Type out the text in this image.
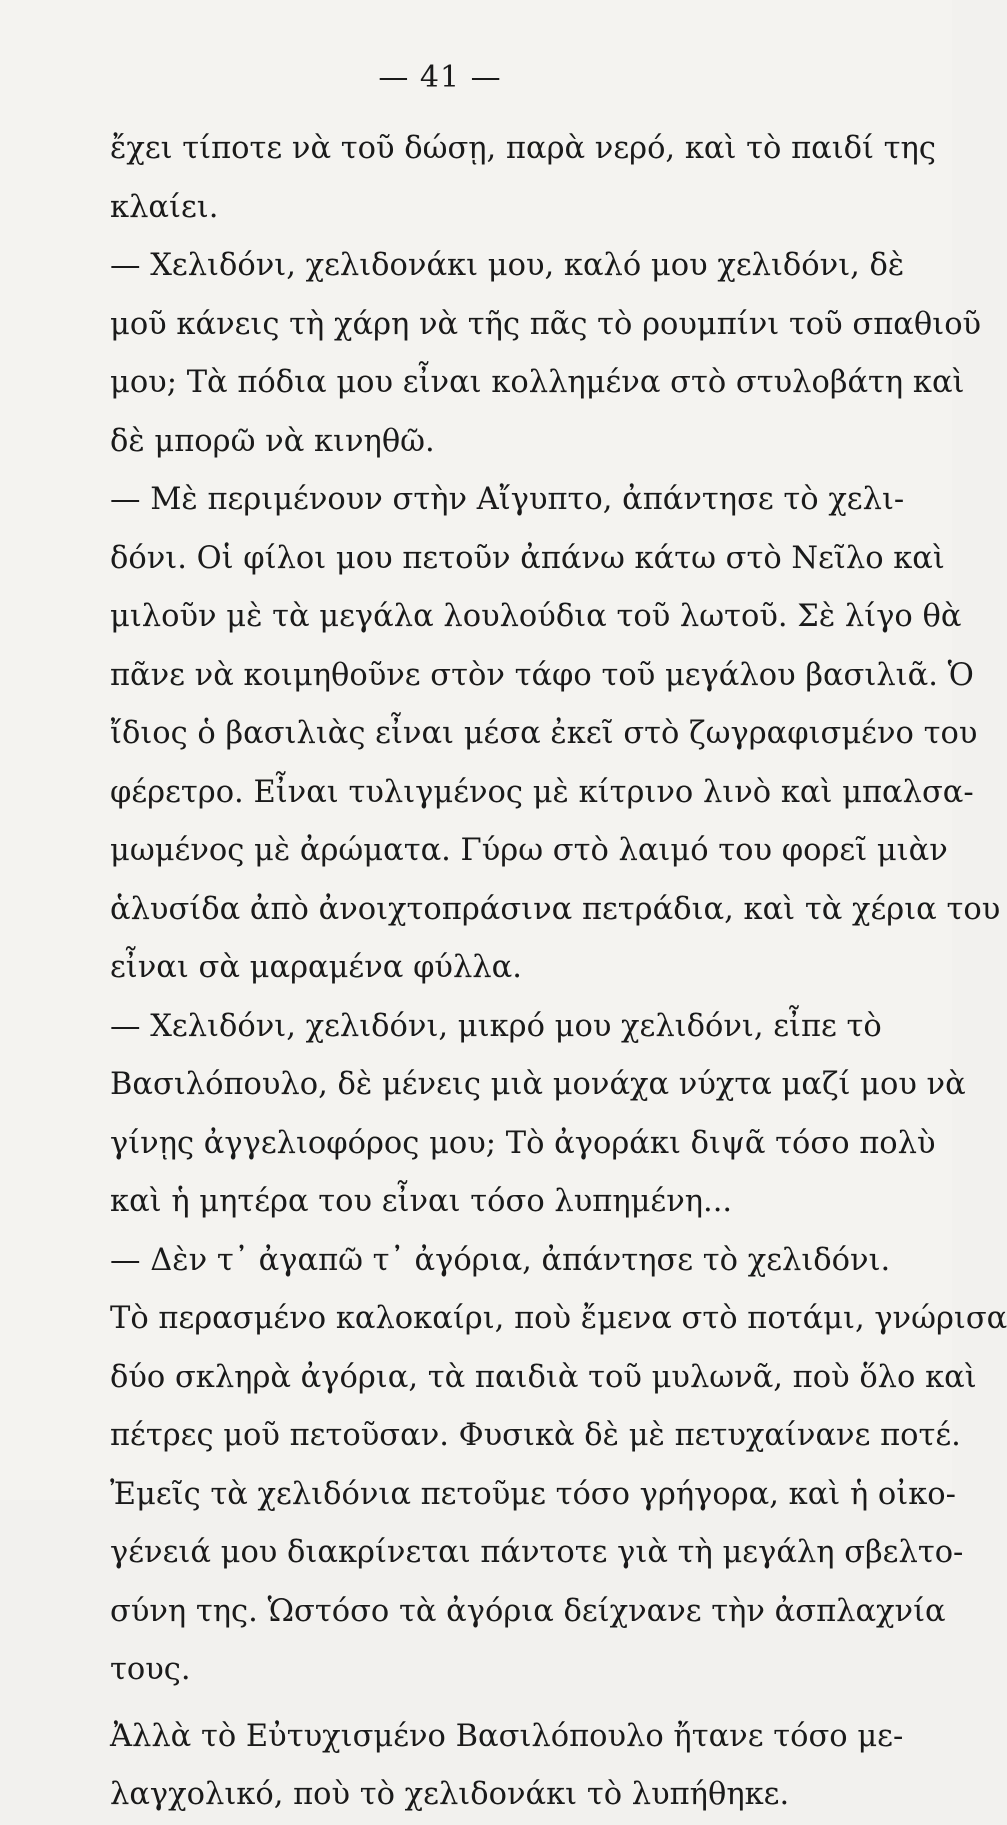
— 41 —
ἔχει τίποτε νὰ τοῦ δώσῃ, παρὰ νερό, καὶ τὸ παιδί της
κλαίει.
— Χελιδόνι, χελιδονάκι μου, καλό μου χελιδόνι, δὲ
μοῦ κάνεις τὴ χάρη νὰ τῆς πᾶς τὸ ρουμπίνι τοῦ σπαθιοῦ
μου; Τὰ πόδια μου εἶναι κολλημένα στὸ στυλοβάτη καὶ
δὲ μπορῶ νὰ κινηθῶ.
— Μὲ περιμένουν στὴν Αἴγυπτο, ἀπάντησε τὸ χελι-
δόνι. Οἱ φίλοι μου πετοῦν ἀπάνω κάτω στὸ Νεῖλο καὶ
μιλοῦν μὲ τὰ μεγάλα λουλούδια τοῦ λωτοῦ. Σὲ λίγο θὰ
πᾶνε νὰ κοιμηθοῦνε στὸν τάφο τοῦ μεγάλου βασιλιᾶ. Ὁ
ἴδιος ὁ βασιλιὰς εἶναι μέσα ἐκεῖ στὸ ζωγραφισμένο του
φέρετρο. Εἶναι τυλιγμένος μὲ κίτρινο λινὸ καὶ μπαλσα-
μωμένος μὲ ἀρώματα. Γύρω στὸ λαιμό του φορεῖ μιὰν
ἁλυσίδα ἀπὸ ἀνοιχτοπράσινα πετράδια, καὶ τὰ χέρια του
εἶναι σὰ μαραμένα φύλλα.
— Χελιδόνι, χελιδόνι, μικρό μου χελιδόνι, εἶπε τὸ
Βασιλόπουλο, δὲ μένεις μιὰ μονάχα νύχτα μαζί μου νὰ
γίνῃς ἀγγελιοφόρος μου; Τὸ ἀγοράκι διψᾶ τόσο πολὺ
καὶ ἡ μητέρα του εἶναι τόσο λυπημένη...
— Δὲν τ᾽ ἀγαπῶ τ᾽ ἀγόρια, ἀπάντησε τὸ χελιδόνι.
Τὸ περασμένο καλοκαίρι, ποὺ ἔμενα στὸ ποτάμι, γνώρισα
δύο σκληρὰ ἀγόρια, τὰ παιδιὰ τοῦ μυλωνᾶ, ποὺ ὅλο καὶ
πέτρες μοῦ πετοῦσαν. Φυσικὰ δὲ μὲ πετυχαίνανε ποτέ.
Ἐμεῖς τὰ χελιδόνια πετοῦμε τόσο γρήγορα, καὶ ἡ οἰκο-
γένειά μου διακρίνεται πάντοτε γιὰ τὴ μεγάλη σβελτο-
σύνη της. Ὡστόσο τὰ ἀγόρια δείχνανε τὴν ἀσπλαχνία
τους.
Ἀλλὰ τὸ Εὐτυχισμένο Βασιλόπουλο ἤτανε τόσο με-
λαγχολικό, ποὺ τὸ χελιδονάκι τὸ λυπήθηκε.
